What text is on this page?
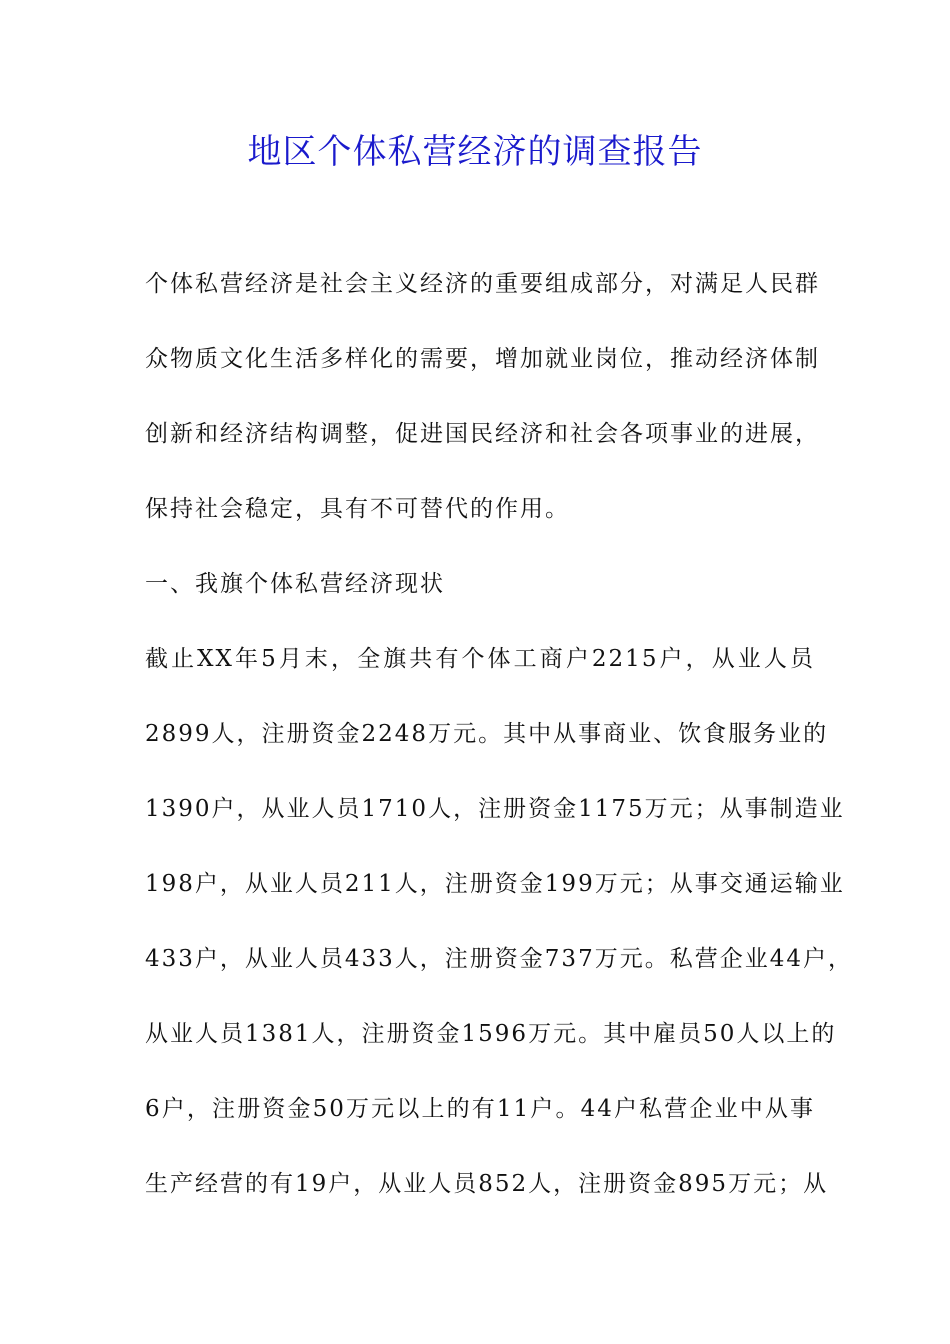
地区个体私营经济的调查报告
个体私营经济是社会主义经济的重要组成部分，对满足人民群
众物质文化生活多样化的需要，增加就业岗位，推动经济体制
创新和经济结构调整，促进国民经济和社会各项事业的进展，
保持社会稳定，具有不可替代的作用。
一、我旗个体私营经济现状
截止XX年5月末，全旗共有个体工商户2215户，从业人员
2899人，注册资金2248万元。其中从事商业、饮食服务业的
1390户，从业人员1710人，注册资金1175万元；从事制造业
198户，从业人员211人，注册资金199万元；从事交通运输业
433户，从业人员433人，注册资金737万元。私营企业44户，
从业人员1381人，注册资金1596万元。其中雇员50人以上的
6户，注册资金50万元以上的有11户。44户私营企业中从事
生产经营的有19户，从业人员852人，注册资金895万元；从
